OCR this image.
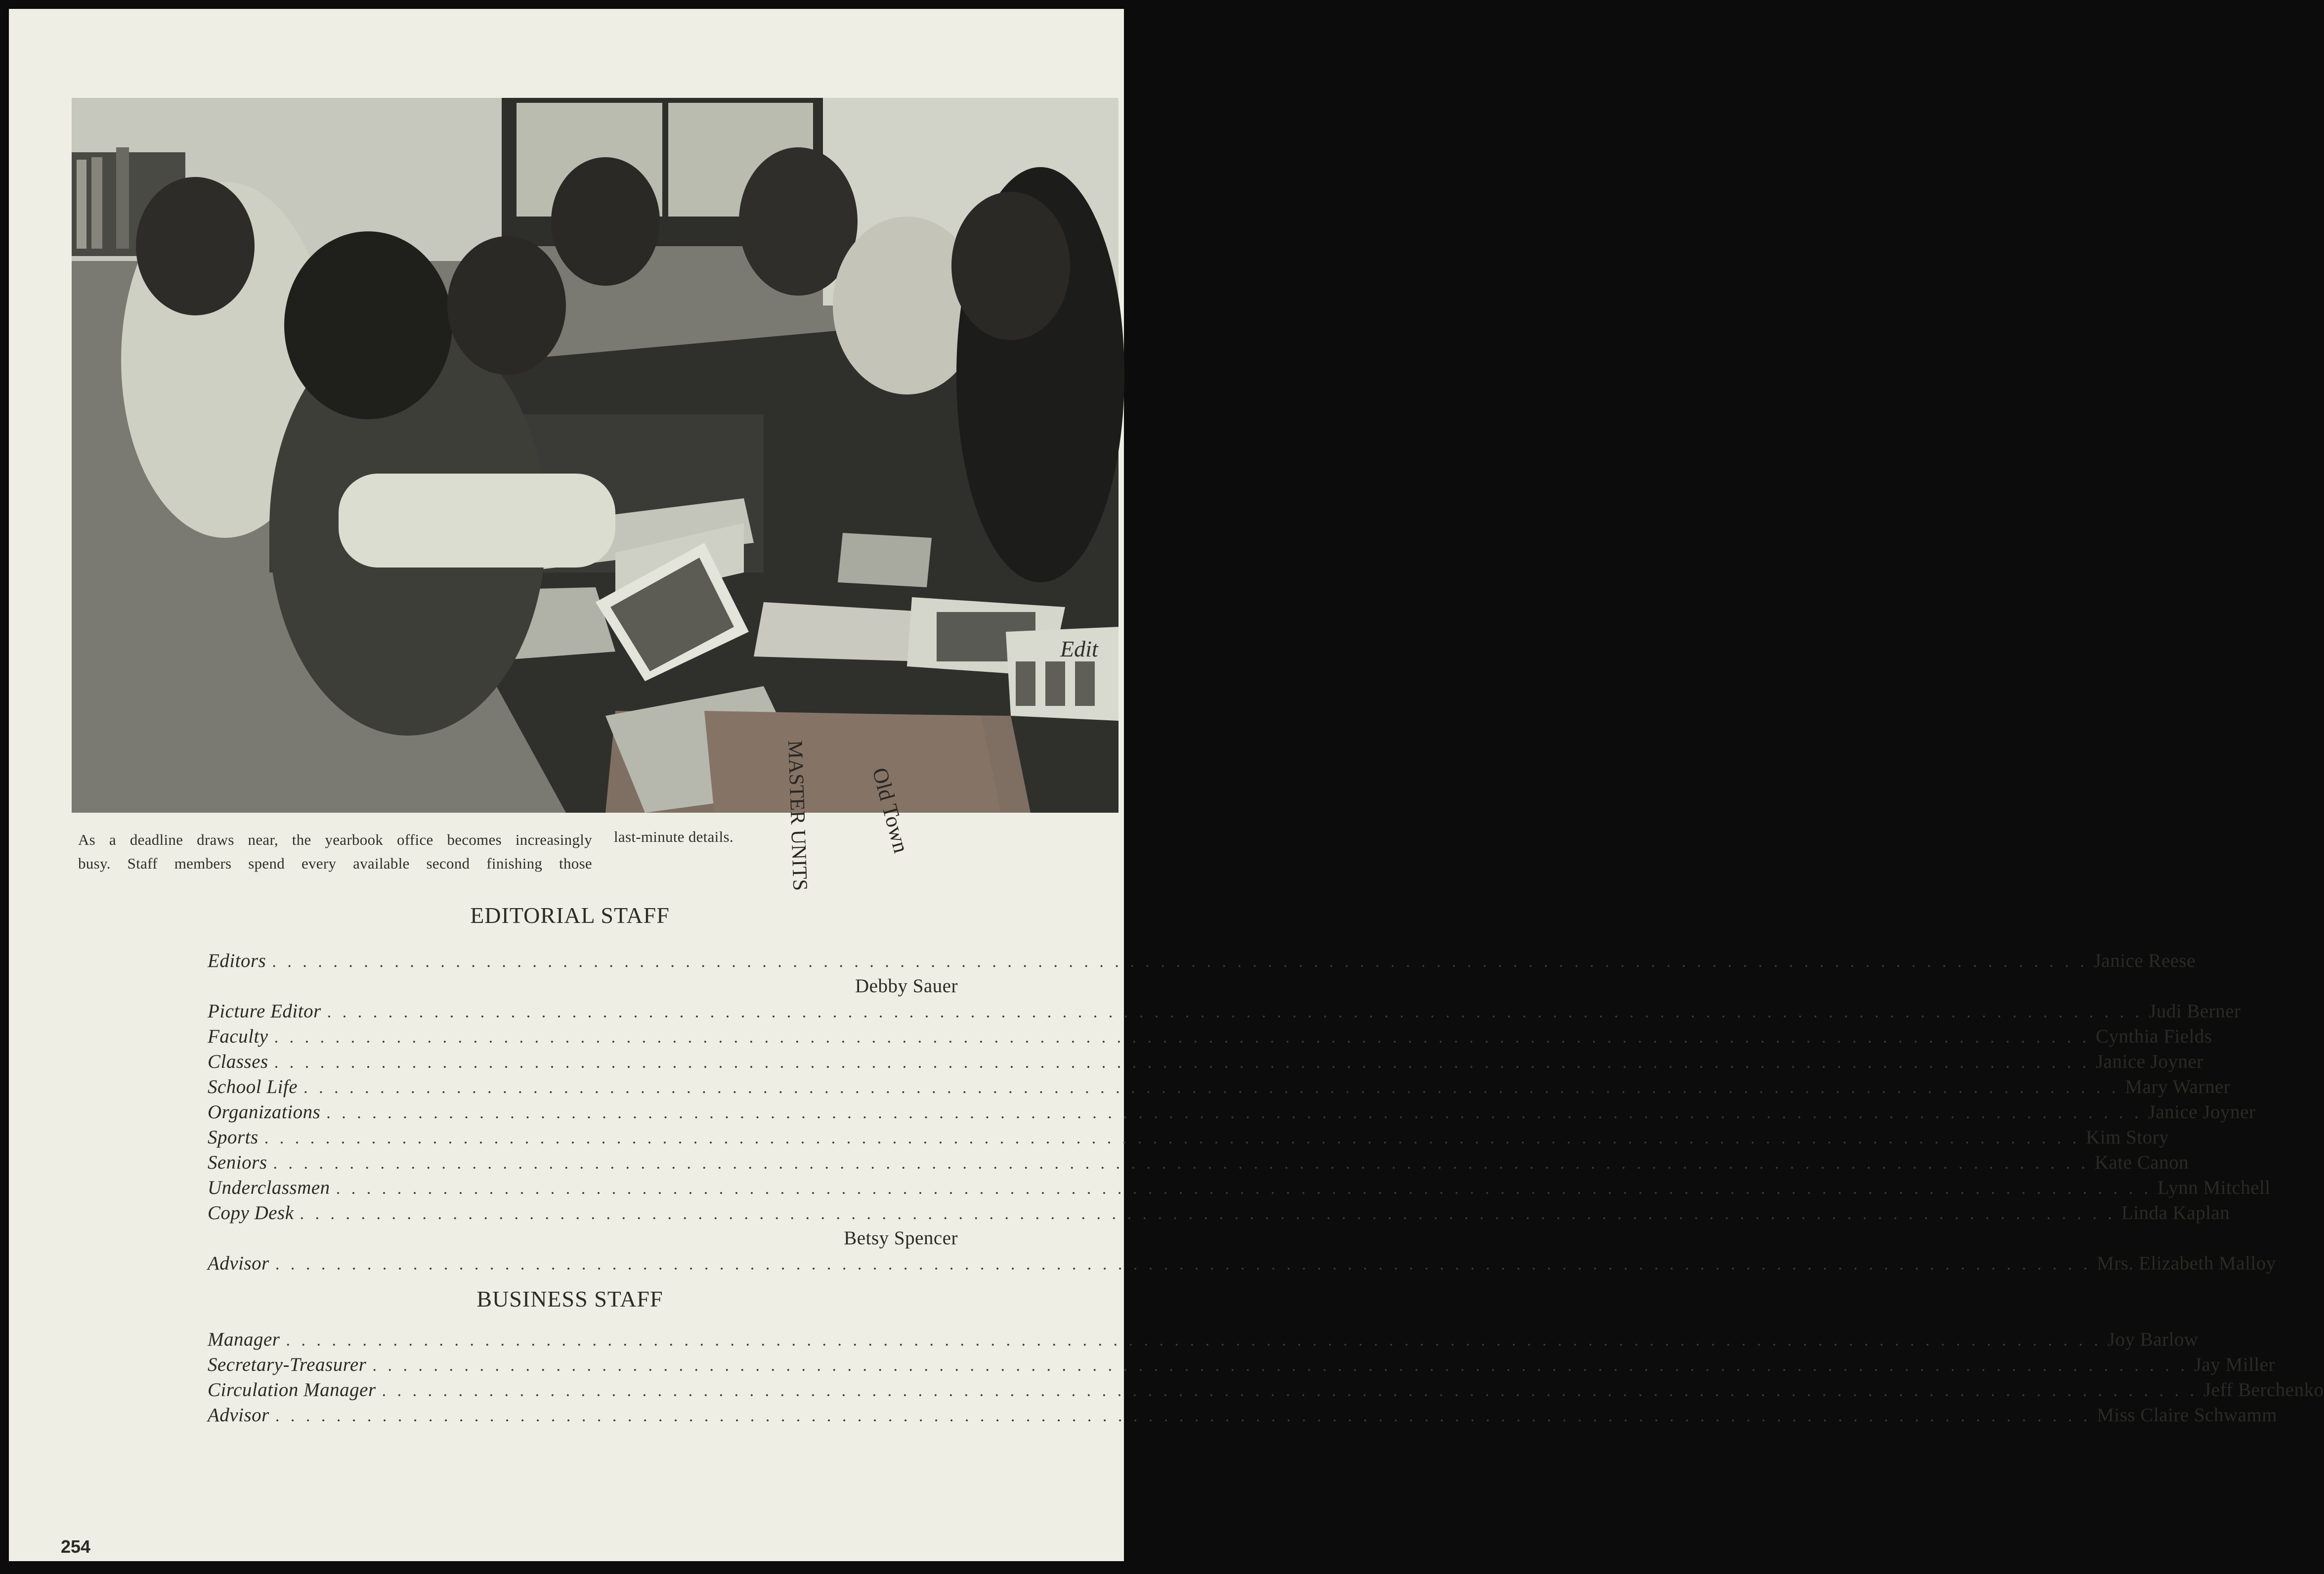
MASTER UNITS	Old Town
Edit
As a deadline draws near, the yearbook office becomes increasingly
busy. Staff members spend every available second finishing those
last-minute details.
EDITORIAL STAFF
Editors . . .	Janice Reese
Debby Sauer
Picture Editor . . .	Judi Berner
Faculty . . .	Cynthia Fields
Classes . . .	Janice Joyner
School Life . . .	Mary Warner
Organizations . . .	Janice Joyner
Sports . . .	Kim Story
Seniors . . .	Kate Canon
Underclassmen . . .	Lynn Mitchell
Copy Desk . . .	Linda Kaplan
Betsy Spencer
Advisor . . .	Mrs. Elizabeth Malloy
BUSINESS STAFF
Manager . . .	Joy Barlow
Secretary-Treasurer . . .	Jay Miller
Circulation Manager . . .	Jeff Berchenko
Advisor . . .	Miss Claire Schwamm
254
